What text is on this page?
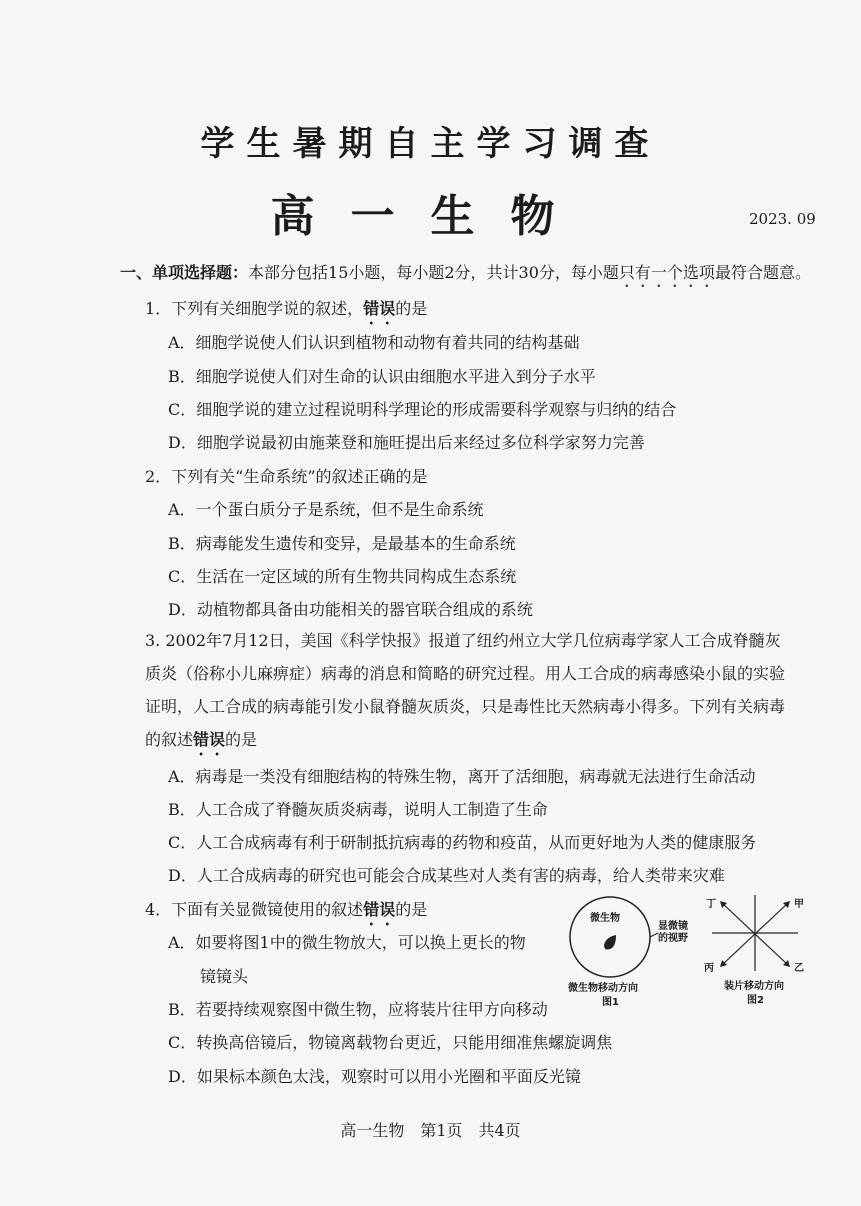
学生暑期自主学习调查
高一生物	2023. 09
一、单项选择题：本部分包括15小题，每小题2分，共计30分，每小题只有一个选项最符合题意。
1．下列有关细胞学说的叙述，错误的是
A．细胞学说使人们认识到植物和动物有着共同的结构基础
B．细胞学说使人们对生命的认识由细胞水平进入到分子水平
C．细胞学说的建立过程说明科学理论的形成需要科学观察与归纳的结合
D．细胞学说最初由施莱登和施旺提出后来经过多位科学家努力完善
2．下列有关“生命系统”的叙述正确的是
A．一个蛋白质分子是系统，但不是生命系统
B．病毒能发生遗传和变异，是最基本的生命系统
C．生活在一定区域的所有生物共同构成生态系统
D．动植物都具备由功能相关的器官联合组成的系统
3. 2002年7月12日，美国《科学快报》报道了纽约州立大学几位病毒学家人工合成脊髓灰质炎（俗称小儿麻痹症）病毒的消息和简略的研究过程。用人工合成的病毒感染小鼠的实验证明，人工合成的病毒能引发小鼠脊髓灰质炎，只是毒性比天然病毒小得多。下列有关病毒的叙述错误的是
A．病毒是一类没有细胞结构的特殊生物，离开了活细胞，病毒就无法进行生命活动
B．人工合成了脊髓灰质炎病毒，说明人工制造了生命
C．人工合成病毒有利于研制抵抗病毒的药物和疫苗，从而更好地为人类的健康服务
D．人工合成病毒的研究也可能会合成某些对人类有害的病毒，给人类带来灾难
4．下面有关显微镜使用的叙述错误的是
A．如要将图1中的微生物放大，可以换上更长的物
镜镜头
B．若要持续观察图中微生物，应将装片往甲方向移动
C．转换高倍镜后，物镜离载物台更近，只能用细准焦螺旋调焦
D．如果标本颜色太浅，观察时可以用小光圈和平面反光镜
微生物
显微镜的视野
微生物移动方向
图1
甲
乙
丙
丁
装片移动方向
图2
高一生物　第1页　共4页
